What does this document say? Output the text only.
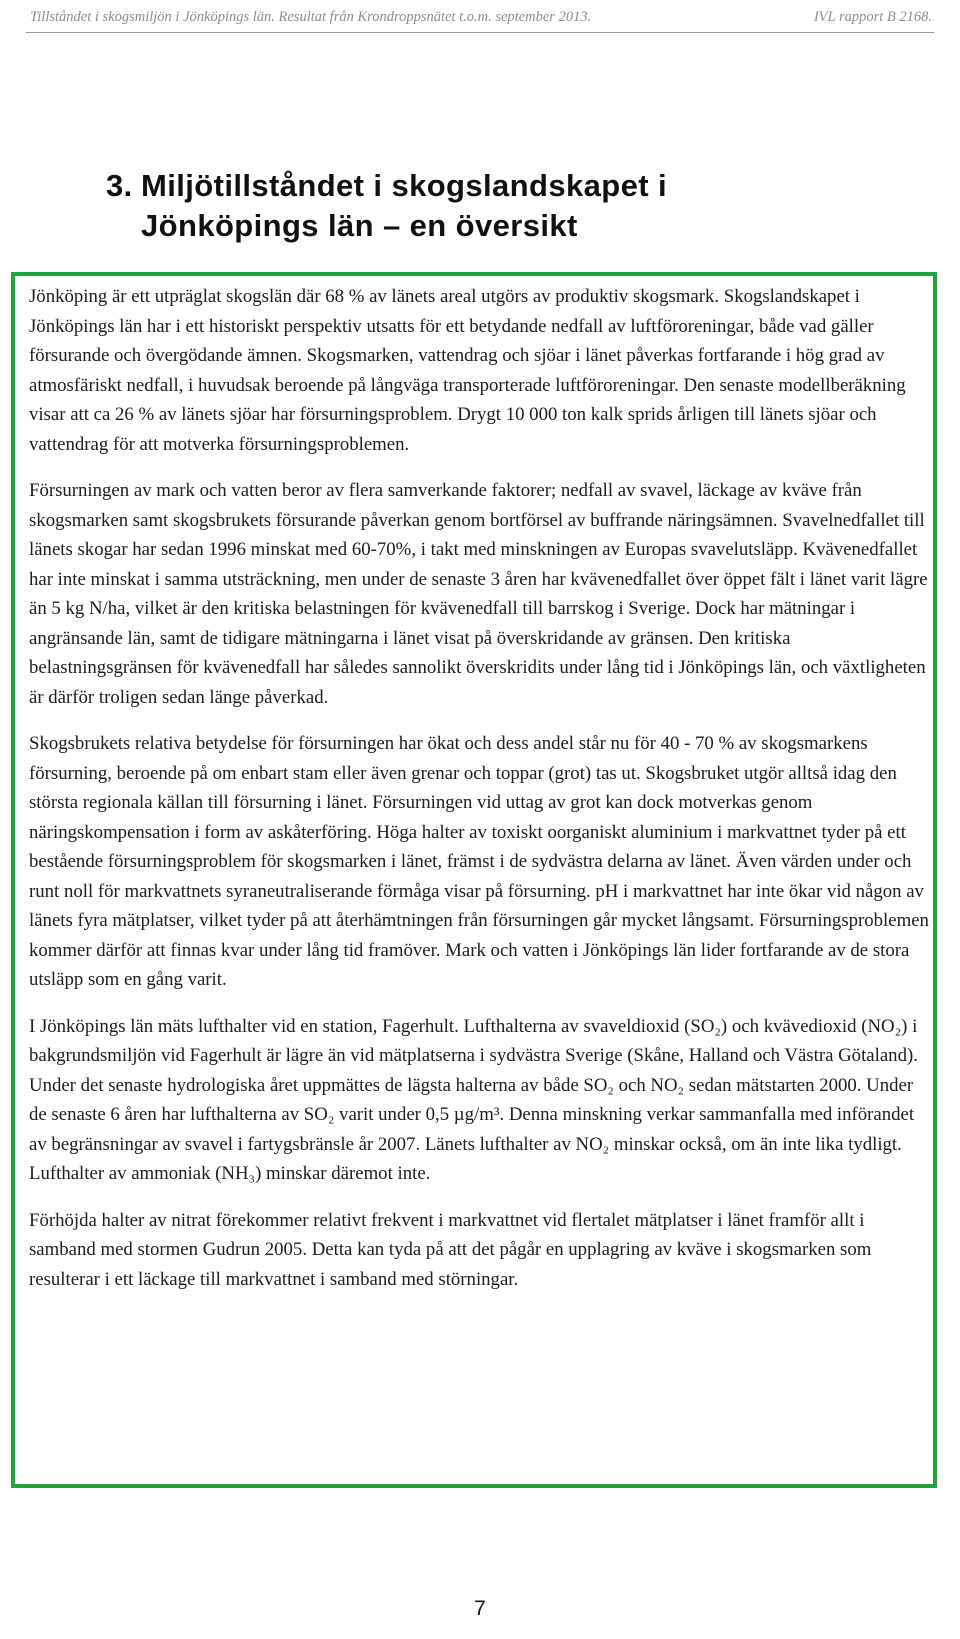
Tillståndet i skogsmiljön i Jönköpings län. Resultat från Krondroppsnätet t.o.m. september 2013.	IVL rapport B 2168.
3. Miljötillståndet i skogslandskapet i Jönköpings län – en översikt

Jönköping är ett utpräglat skogslän där 68 % av länets areal utgörs av produktiv skogsmark. Skogslandskapet i Jönköpings län har i ett historiskt perspektiv utsatts för ett betydande nedfall av luftföroreningar, både vad gäller försurande och övergödande ämnen. Skogsmarken, vattendrag och sjöar i länet påverkas fortfarande i hög grad av atmosfäriskt nedfall, i huvudsak beroende på långväga transporterade luftföroreningar. Den senaste modellberäkning visar att ca 26 % av länets sjöar har försurningsproblem. Drygt 10 000 ton kalk sprids årligen till länets sjöar och vattendrag för att motverka försurningsproblemen.

Försurningen av mark och vatten beror av flera samverkande faktorer; nedfall av svavel, läckage av kväve från skogsmarken samt skogsbrukets försurande påverkan genom bortförsel av buffrande näringsämnen. Svavelnedfallet till länets skogar har sedan 1996 minskat med 60-70%, i takt med minskningen av Europas svavelutsläpp. Kvävenedfallet har inte minskat i samma utsträckning, men under de senaste 3 åren har kvävenedfallet över öppet fält i länet varit lägre än 5 kg N/ha, vilket är den kritiska belastningen för kvävenedfall till barrskog i Sverige. Dock har mätningar i angränsande län, samt de tidigare mätningarna i länet visat på överskridande av gränsen. Den kritiska belastningsgränsen för kvävenedfall har således sannolikt överskridits under lång tid i Jönköpings län, och växtligheten är därför troligen sedan länge påverkad.

Skogsbrukets relativa betydelse för försurningen har ökat och dess andel står nu för 40 - 70 % av skogsmarkens försurning, beroende på om enbart stam eller även grenar och toppar (grot) tas ut. Skogsbruket utgör alltså idag den största regionala källan till försurning i länet. Försurningen vid uttag av grot kan dock motverkas genom näringskompensation i form av askåterföring. Höga halter av toxiskt oorganiskt aluminium i markvattnet tyder på ett bestående försurningsproblem för skogsmarken i länet, främst i de sydvästra delarna av länet. Även värden under och runt noll för markvattnets syraneutraliserande förmåga visar på försurning. pH i markvattnet har inte ökar vid någon av länets fyra mätplatser, vilket tyder på att återhämtningen från försurningen går mycket långsamt. Försurningsproblemen kommer därför att finnas kvar under lång tid framöver. Mark och vatten i Jönköpings län lider fortfarande av de stora utsläpp som en gång varit.

I Jönköpings län mäts lufthalter vid en station, Fagerhult. Lufthalterna av svaveldioxid (SO₂) och kvävedioxid (NO₂) i bakgrundsmiljön vid Fagerhult är lägre än vid mätplatserna i sydvästra Sverige (Skåne, Halland och Västra Götaland). Under det senaste hydrologiska året uppmättes de lägsta halterna av både SO₂ och NO₂ sedan mätstarten 2000. Under de senaste 6 åren har lufthalterna av SO₂ varit under 0,5 µg/m³. Denna minskning verkar sammanfalla med införandet av begränsningar av svavel i fartygsbränsle år 2007. Länets lufthalter av NO₂ minskar också, om än inte lika tydligt. Lufthalter av ammoniak (NH₃) minskar däremot inte.

Förhöjda halter av nitrat förekommer relativt frekvent i markvattnet vid flertalet mätplatser i länet framför allt i samband med stormen Gudrun 2005. Detta kan tyda på att det pågår en upplagring av kväve i skogsmarken som resulterar i ett läckage till markvattnet i samband med störningar.

7
